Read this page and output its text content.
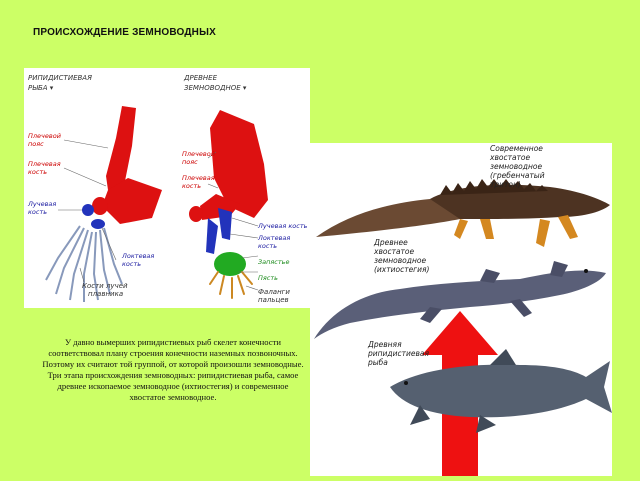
ПРОИСХОЖДЕНИЕ ЗЕМНОВОДНЫХ
РИПИДИСТИЕВАЯ
РЫБА ▾
ДРЕВНЕЕ
ЗЕМНОВОДНОЕ ▾
Плечевой
пояс
Плечевая
кость
Лучевая
кость
Локтевая
кость
Кости лучей
плавника
Плечевой
пояс
Плечевая
кость
Лучевая кость
Локтевая
кость
Запястье
Пясть
Фаланги
пальцев
Современное
хвостатое
земноводное
(гребенчатый
тритон)
Древнее
хвостатое
земноводное
(ихтиостегия)
Древняя
рипидистиевая
рыба

У давно вымерших рипидистиевых рыб скелет конечности соответствовал плану строения конечности наземных позвоночных. Поэтому их считают той группой, от которой произошли земноводные.

Три этапа происхождения земноводных: рипидистиевая рыба, самое древнее ископаемое земноводное (ихтиостегия) и современное хвостатое земноводное.
